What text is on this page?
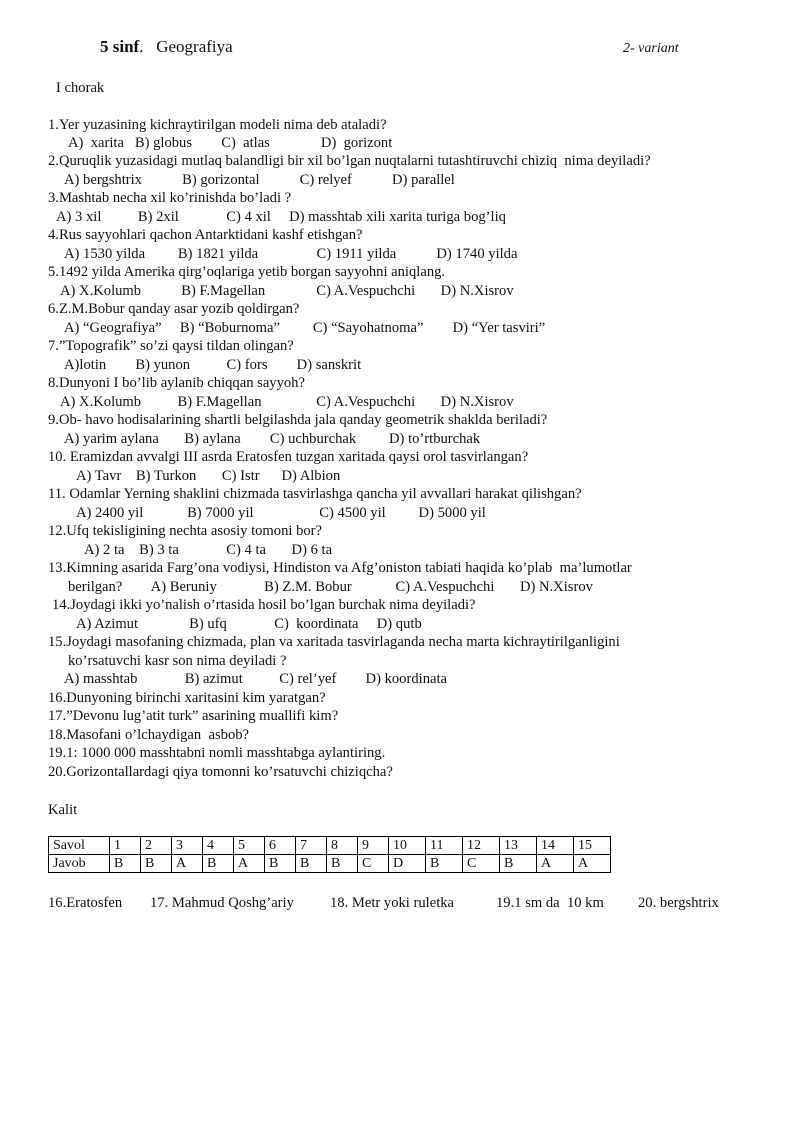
5 sinf. Geografiya	2- variant
I chorak
1.Yer yuzasining kichraytirilgan modeli nima deb ataladi?
A)  xarita   B) globus        C)  atlas              D)  gorizont
2.Quruqlik yuzasidagi mutlaq balandligi bir xil bo’lgan nuqtalarni tutashtiruvchi chiziq  nima deyiladi?
A) bergshtrix           B) gorizontal           C) relyef           D) parallel
3.Mashtab necha xil ko’rinishda bo’ladi ?
A) 3 xil          B) 2xil             C) 4 xil     D) masshtab xili xarita turiga bog’liq
4.Rus sayyohlari qachon Antarktidani kashf etishgan?
A) 1530 yilda         B) 1821 yilda                C) 1911 yilda           D) 1740 yilda
5.1492 yilda Amerika qirg’oqlariga yetib borgan sayyohni aniqlang.
A) X.Kolumb           B) F.Magellan              C) A.Vespuchchi       D) N.Xisrov
6.Z.M.Bobur qanday asar yozib qoldirgan?
A) “Geografiya”     B) “Boburnoma”         C) “Sayohatnoma”        D) “Yer tasviri”
7.”Topografik” so’zi qaysi tildan olingan?
A)lotin        B) yunon          C) fors        D) sanskrit
8.Dunyoni I bo’lib aylanib chiqqan sayyoh?
A) X.Kolumb          B) F.Magellan               C) A.Vespuchchi       D) N.Xisrov
9.Ob- havo hodisalarining shartli belgilashda jala qanday geometrik shaklda beriladi?
A) yarim aylana       B) aylana        C) uchburchak         D) to’rtburchak
10. Eramizdan avvalgi III asrda Eratosfen tuzgan xaritada qaysi orol tasvirlangan?
A) Tavr    B) Turkon       C) Istr      D) Albion
11. Odamlar Yerning shaklini chizmada tasvirlashga qancha yil avvallari harakat qilishgan?
A) 2400 yil            B) 7000 yil                  C) 4500 yil         D) 5000 yil
12.Ufq tekisligining nechta asosiy tomoni bor?
A) 2 ta    B) 3 ta             C) 4 ta       D) 6 ta
13.Kimning asarida Farg’ona vodiysi, Hindiston va Afg’oniston tabiati haqida ko’plab  ma’lumotlar
berilgan?        A) Beruniy             B) Z.M. Bobur            C) A.Vespuchchi       D) N.Xisrov
14.Joydagi ikki yo’nalish o’rtasida hosil bo’lgan burchak nima deyiladi?
A) Azimut              B) ufq             C)  koordinata     D) qutb
15.Joydagi masofaning chizmada, plan va xaritada tasvirlaganda necha marta kichraytirilganligini
ko’rsatuvchi kasr son nima deyiladi ?
A) masshtab             B) azimut          C) rel’yef        D) koordinata
16.Dunyoning birinchi xaritasini kim yaratgan?
17.”Devonu lug’atit turk” asarining muallifi kim?
18.Masofani o’lchaydigan  asbob?
19.1: 1000 000 masshtabni nomli masshtabga aylantiring.
20.Gorizontallardagi qiya tomonni ko’rsatuvchi chiziqcha?
Kalit
Savol	1	2	3	4	5	6	7	8	9	10	11	12	13	14	15
Javob	B	B	A	B	A	B	B	B	C	D	B	C	B	A	A
16.Eratosfen 17. Mahmud Qoshg’ariy 18. Metr yoki ruletka	19.1 sm da  10 km 20. bergshtrix
